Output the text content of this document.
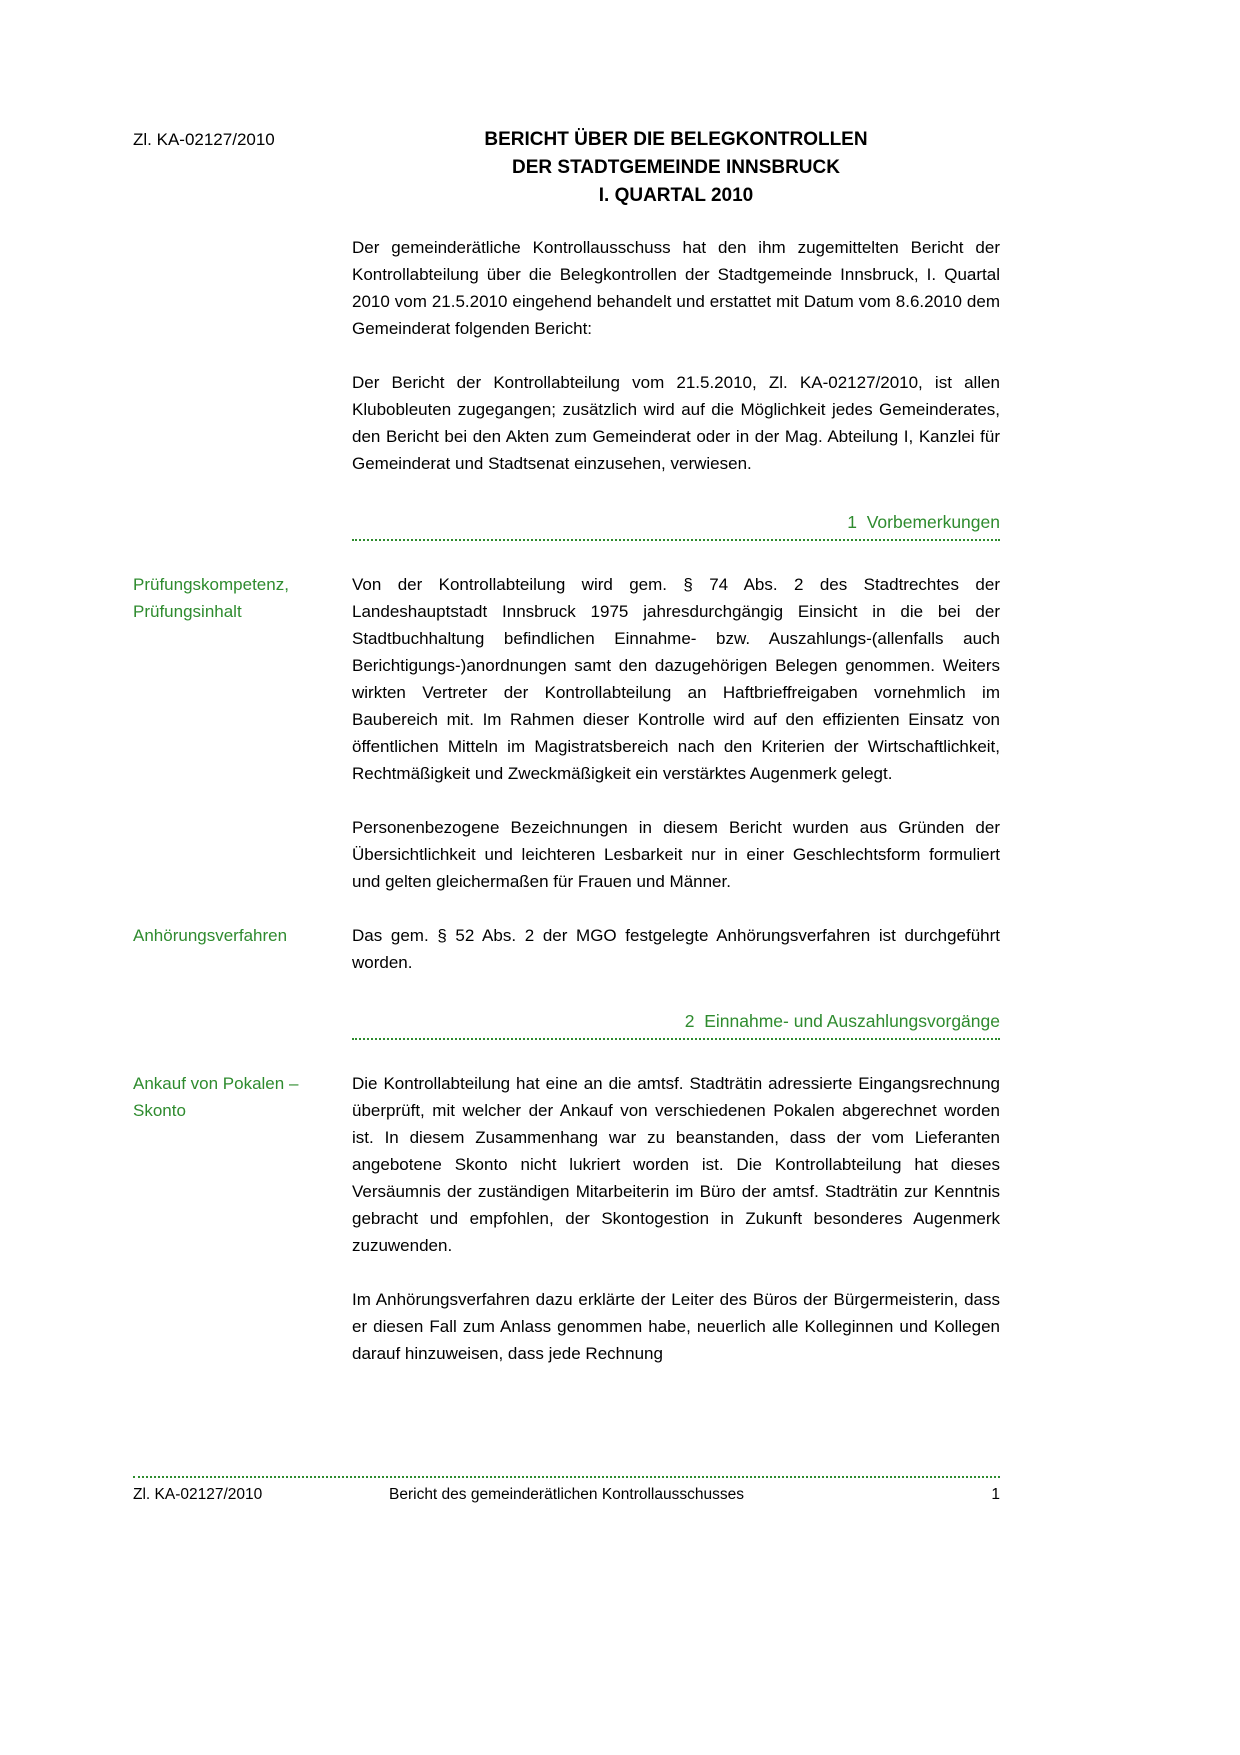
Zl. KA-02127/2010	BERICHT ÜBER DIE BELEGKONTROLLEN
DER STADTGEMEINDE INNSBRUCK
I. QUARTAL 2010

Der gemeinderätliche Kontrollausschuss hat den ihm zugemittelten Bericht der Kontrollabteilung über die Belegkontrollen der Stadtgemeinde Innsbruck, I. Quartal 2010 vom 21.5.2010 eingehend behandelt und erstattet mit Datum vom 8.6.2010 dem Gemeinderat folgenden Bericht:

Der Bericht der Kontrollabteilung vom 21.5.2010, Zl. KA-02127/2010, ist allen Klubobleuten zugegangen; zusätzlich wird auf die Möglichkeit jedes Gemeinderates, den Bericht bei den Akten zum Gemeinderat oder in der Mag. Abteilung I, Kanzlei für Gemeinderat und Stadtsenat einzusehen, verwiesen.

1  Vorbemerkungen
Prüfungskompetenz, Prüfungsinhalt

Von der Kontrollabteilung wird gem. § 74 Abs. 2 des Stadtrechtes der Landeshauptstadt Innsbruck 1975 jahresdurchgängig Einsicht in die bei der Stadtbuchhaltung befindlichen Einnahme- bzw. Auszahlungs-(allenfalls auch Berichtigungs-)anordnungen samt den dazugehörigen Belegen genommen. Weiters wirkten Vertreter der Kontrollabteilung an Haftbrieffreigaben vornehmlich im Baubereich mit. Im Rahmen dieser Kontrolle wird auf den effizienten Einsatz von öffentlichen Mitteln im Magistratsbereich nach den Kriterien der Wirtschaftlichkeit, Rechtmäßigkeit und Zweckmäßigkeit ein verstärktes Augenmerk gelegt.

Personenbezogene Bezeichnungen in diesem Bericht wurden aus Gründen der Übersichtlichkeit und leichteren Lesbarkeit nur in einer Geschlechtsform formuliert und gelten gleichermaßen für Frauen und Männer.

Anhörungsverfahren	Das gem. § 52 Abs. 2 der MGO festgelegte Anhörungsverfahren ist durchgeführt worden.

2  Einnahme- und Auszahlungsvorgänge
Ankauf von Pokalen – Skonto

Die Kontrollabteilung hat eine an die amtsf. Stadträtin adressierte Eingangsrechnung überprüft, mit welcher der Ankauf von verschiedenen Pokalen abgerechnet worden ist. In diesem Zusammenhang war zu beanstanden, dass der vom Lieferanten angebotene Skonto nicht lukriert worden ist. Die Kontrollabteilung hat dieses Versäumnis der zuständigen Mitarbeiterin im Büro der amtsf. Stadträtin zur Kenntnis gebracht und empfohlen, der Skontogestion in Zukunft besonderes Augenmerk zuzuwenden.

Im Anhörungsverfahren dazu erklärte der Leiter des Büros der Bürgermeisterin, dass er diesen Fall zum Anlass genommen habe, neuerlich alle Kolleginnen und Kollegen darauf hinzuweisen, dass jede Rechnung

Zl. KA-02127/2010	Bericht des gemeinderätlichen Kontrollausschusses	1
